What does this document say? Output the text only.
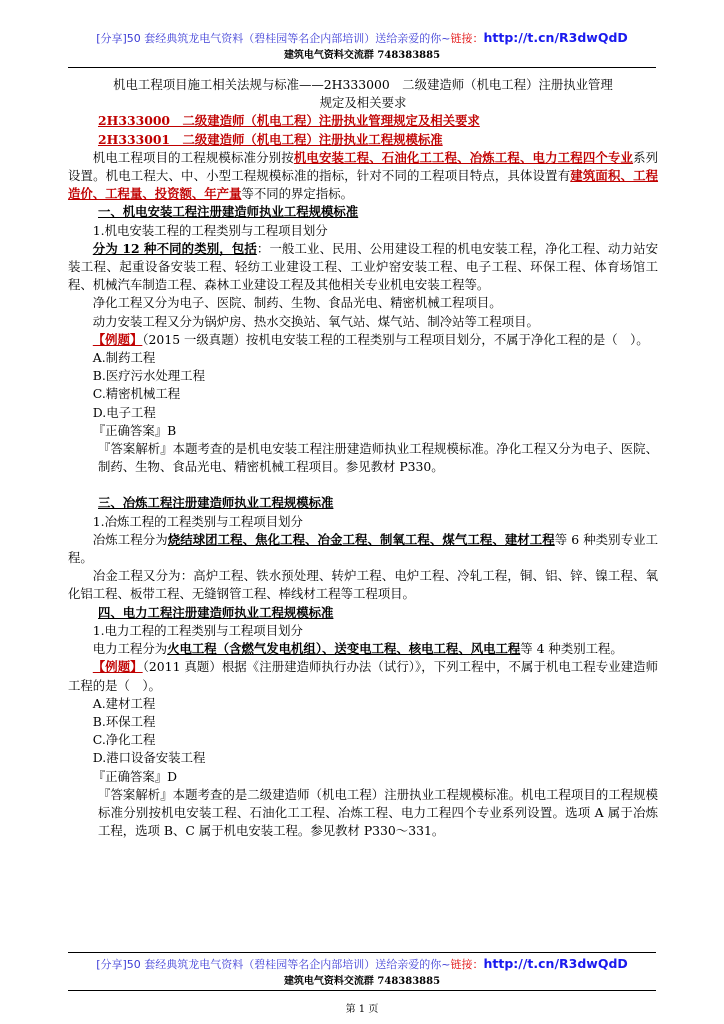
[分享]50 套经典筑龙电气资料（碧桂园等名企内部培训）送给亲爱的你~链接：http://t.cn/R3dwQdD
建筑电气资料交流群 748383885

机电工程项目施工相关法规与标准——2H333000　二级建造师（机电工程）注册执业管理

规定及相关要求

2H333000　二级建造师（机电工程）注册执业管理规定及相关要求

2H333001　二级建造师（机电工程）注册执业工程规模标准

机电工程项目的工程规模标准分别按机电安装工程、石油化工工程、冶炼工程、电力工程四个专业系列设置。机电工程大、中、小型工程规模标准的指标，针对不同的工程项目特点，具体设置有建筑面积、工程造价、工程量、投资额、年产量等不同的界定指标。

一、机电安装工程注册建造师执业工程规模标准

1.机电安装工程的工程类别与工程项目划分

分为 12 种不同的类别，包括：一般工业、民用、公用建设工程的机电安装工程，净化工程、动力站安装工程、起重设备安装工程、轻纺工业建设工程、工业炉窑安装工程、电子工程、环保工程、体育场馆工程、机械汽车制造工程、森林工业建设工程及其他相关专业机电安装工程等。

净化工程又分为电子、医院、制药、生物、食品光电、精密机械工程项目。

动力安装工程又分为锅炉房、热水交换站、氧气站、煤气站、制冷站等工程项目。

【例题】（2015 一级真题）按机电安装工程的工程类别与工程项目划分，不属于净化工程的是（　）。

A.制药工程

B.医疗污水处理工程

C.精密机械工程

D.电子工程

『正确答案』B

『答案解析』本题考查的是机电安装工程注册建造师执业工程规模标准。净化工程又分为电子、医院、制药、生物、食品光电、精密机械工程项目。参见教材 P330。

三、冶炼工程注册建造师执业工程规模标准

1.冶炼工程的工程类别与工程项目划分

冶炼工程分为烧结球团工程、焦化工程、冶金工程、制氧工程、煤气工程、建材工程等 6 种类别专业工程。

冶金工程又分为：高炉工程、铁水预处理、转炉工程、电炉工程、冷轧工程，铜、铝、锌、镍工程、氧化铝工程、板带工程、无缝钢管工程、棒线材工程等工程项目。

四、电力工程注册建造师执业工程规模标准

1.电力工程的工程类别与工程项目划分

电力工程分为火电工程（含燃气发电机组）、送变电工程、核电工程、风电工程等 4 种类别工程。

【例题】（2011 真题）根据《注册建造师执行办法（试行）》，下列工程中，不属于机电工程专业建造师工程的是（　）。

A.建材工程

B.环保工程

C.净化工程

D.港口设备安装工程

『正确答案』D

『答案解析』本题考查的是二级建造师（机电工程）注册执业工程规模标准。机电工程项目的工程规模标准分别按机电安装工程、石油化工工程、冶炼工程、电力工程四个专业系列设置。选项 A 属于冶炼工程，选项 B、C 属于机电安装工程。参见教材 P330～331。

[分享]50 套经典筑龙电气资料（碧桂园等名企内部培训）送给亲爱的你~链接：http://t.cn/R3dwQdD
建筑电气资料交流群 748383885
第 1 页
